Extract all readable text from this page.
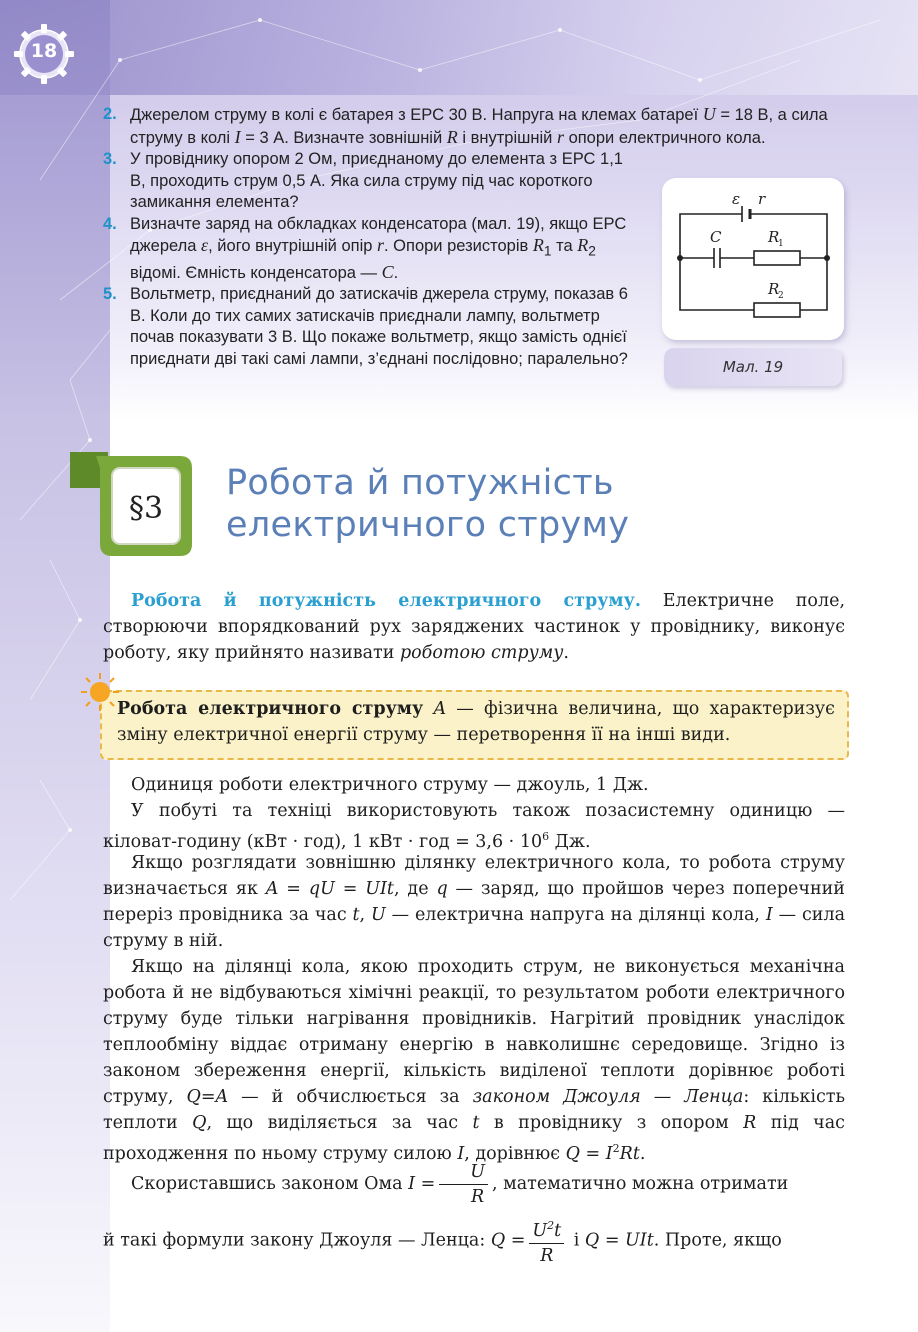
18
2. Джерелом струму в колі є батарея з ЕРС 30 В. Напруга на клемах батареї U = 18 В, а сила струму в колі I = 3 А. Визначте зовнішній R і внутрішній r опори електричного кола.
3. У провіднику опором 2 Ом, приєднаному до елемента з ЕРС 1,1 В, проходить струм 0,5 А. Яка сила струму під час короткого замикання елемента?
4. Визначте заряд на обкладках конденсатора (мал. 19), якщо ЕРС джерела ε, його внутрішній опір r. Опори резисторів $R_1$ та $R_2$ відомі. Ємність конденсатора — C.
5. Вольтметр, приєднаний до затискачів джерела струму, показав 6 В. Коли до тих самих затискачів приєднали лампу, вольтметр почав показувати 3 В. Що покаже вольтметр, якщо замість однієї приєднати дві такі самі лампи, з’єднані послідовно; паралельно?
ε r
C	R
1
R
2
Мал. 19
§3
Робота й потужність
електричного струму
Робота й потужність електричного струму. Електричне поле, створюючи впорядкований рух заряджених частинок у провіднику, виконує роботу, яку прийнято називати роботою струму.
Робота електричного струму A — фізична величина, що характеризує зміну електричної енергії струму — перетворення її на інші види.
Одиниця роботи електричного струму — джоуль, 1 Дж.
У побуті та техніці використовують також позасистемну одиницю — кіловат-годину (кВт · год), 1 кВт · год = $3,6 \cdot 10^6$ Дж.
Якщо розглядати зовнішню ділянку електричного кола, то робота струму визначається як A = qU = UIt, де q — заряд, що пройшов через поперечний переріз провідника за час t, U — електрична напруга на ділянці кола, I — сила струму в ній.
Якщо на ділянці кола, якою проходить струм, не виконується механічна робота й не відбуваються хімічні реакції, то результатом роботи електричного струму буде тільки нагрівання провідників. Нагрітий провідник унаслідок теплообміну віддає отриману енергію в навколишнє середовище. Згідно із законом збереження енергії, кількість виділеної теплоти дорівнює роботі струму, Q=A — й обчислюється за законом Джоуля — Ленца: кількість теплоти Q, що виділяється за час t в провіднику з опором R під час проходження по ньому струму силою I, дорівнює $Q = I^2Rt$.
Скориставшись законом Ома $I = \frac{U}{R}$ , математично можна отримати
й такі формули закону Джоуля — Ленца: $Q = \frac{U^2t}{R}$ і Q = UIt. Проте, якщо
